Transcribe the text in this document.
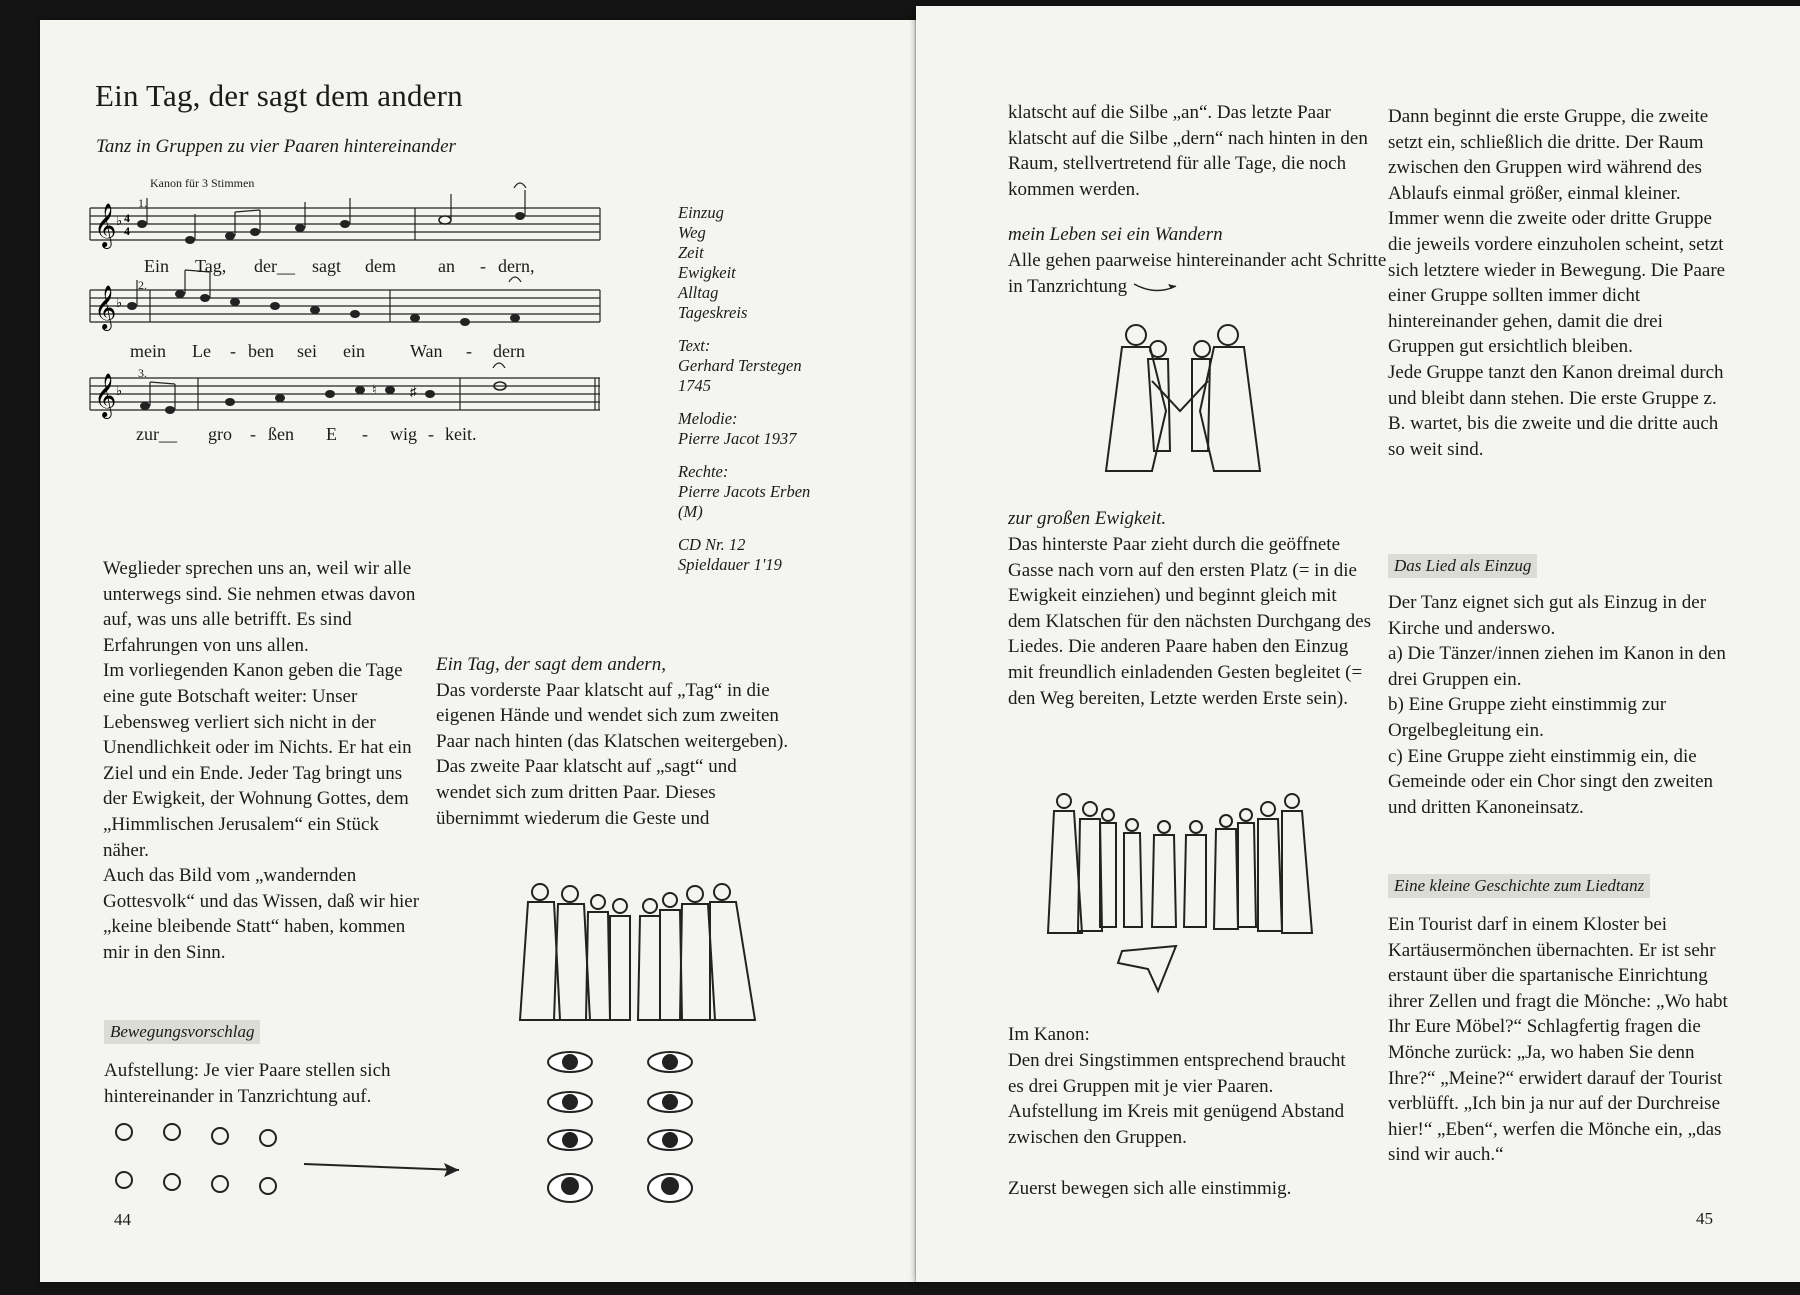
Ein Tag, der sagt dem andern
Tanz in Gruppen zu vier Paaren hintereinander
Kanon für 3 Stimmen
𝄞 ♭ 4
4
𝄞 ♭
𝄞 ♭	♮	♯
1.
2.
3.
Ein Tag, der__ sagt dem an - dern,
mein Le - ben sei ein	Wan - dern
zur__ gro - ßen E - wig - keit.
Einzug
Weg
Zeit
Ewigkeit
Alltag
Tageskreis
Text:
Gerhard Terstegen 1745
Melodie:
Pierre Jacot 1937
Rechte:
Pierre Jacots Erben (M)
CD Nr. 12
Spieldauer 1'19

Weglieder sprechen uns an, weil wir alle unterwegs sind. Sie nehmen etwas davon auf, was uns alle betrifft. Es sind Erfahrungen von uns allen.

Im vorliegenden Kanon geben die Tage eine gute Botschaft weiter: Unser Lebensweg verliert sich nicht in der Unendlichkeit oder im Nichts. Er hat ein Ziel und ein Ende. Jeder Tag bringt uns der Ewigkeit, der Wohnung Gottes, dem „Himmlischen Jerusalem“ ein Stück näher.

Auch das Bild vom „wandernden Gottesvolk“ und das Wissen, daß wir hier „keine bleibende Statt“ haben, kommen mir in den Sinn.

Bewegungsvorschlag
Aufstellung: Je vier Paare stellen sich hintereinander in Tanzrichtung auf.

Ein Tag, der sagt dem andern,

Das vorderste Paar klatscht auf „Tag“ in die eigenen Hände und wendet sich zum zweiten Paar nach hinten (das Klatschen weitergeben).

Das zweite Paar klatscht auf „sagt“ und wendet sich zum dritten Paar. Dieses übernimmt wiederum die Geste und

44
klatscht auf die Silbe „an“. Das letzte Paar klatscht auf die Silbe „dern“ nach hinten in den Raum, stellvertretend für alle Tage, die noch kommen werden.
mein Leben sei ein Wandern
Alle gehen paarweise hintereinander acht Schritte in Tanzrichtung
zur großen Ewigkeit.
Das hinterste Paar zieht durch die geöffnete Gasse nach vorn auf den ersten Platz (= in die Ewigkeit einziehen) und beginnt gleich mit dem Klatschen für den nächsten Durchgang des Liedes. Die anderen Paare haben den Einzug mit freundlich einladenden Gesten begleitet (= den Weg bereiten, Letzte werden Erste sein).
Im Kanon:
Den drei Singstimmen entsprechend braucht es drei Gruppen mit je vier Paaren. Aufstellung im Kreis mit genügend Abstand zwischen den Gruppen.
Zuerst bewegen sich alle einstimmig.

Dann beginnt die erste Gruppe, die zweite setzt ein, schließlich die dritte. Der Raum zwischen den Gruppen wird während des Ablaufs einmal größer, einmal kleiner. Immer wenn die zweite oder dritte Gruppe die jeweils vordere einzuholen scheint, setzt sich letztere wieder in Bewegung. Die Paare einer Gruppe sollten immer dicht hintereinander gehen, damit die drei Gruppen gut ersichtlich bleiben.

Jede Gruppe tanzt den Kanon dreimal durch und bleibt dann stehen. Die erste Gruppe z. B. wartet, bis die zweite und die dritte auch so weit sind.

Das Lied als Einzug

Der Tanz eignet sich gut als Einzug in der Kirche und anderswo.

a) Die Tänzer/innen ziehen im Kanon in den drei Gruppen ein.

b) Eine Gruppe zieht einstimmig zur Orgelbegleitung ein.

c) Eine Gruppe zieht einstimmig ein, die Gemeinde oder ein Chor singt den zweiten und dritten Kanoneinsatz.

Eine kleine Geschichte zum Liedtanz
Ein Tourist darf in einem Kloster bei Kartäusermönchen übernachten. Er ist sehr erstaunt über die spartanische Einrichtung ihrer Zellen und fragt die Mönche: „Wo habt Ihr Eure Möbel?“ Schlagfertig fragen die Mönche zurück: „Ja, wo haben Sie denn Ihre?“ „Meine?“ erwidert darauf der Tourist verblüfft. „Ich bin ja nur auf der Durchreise hier!“ „Eben“, werfen die Mönche ein, „das sind wir auch.“
45
